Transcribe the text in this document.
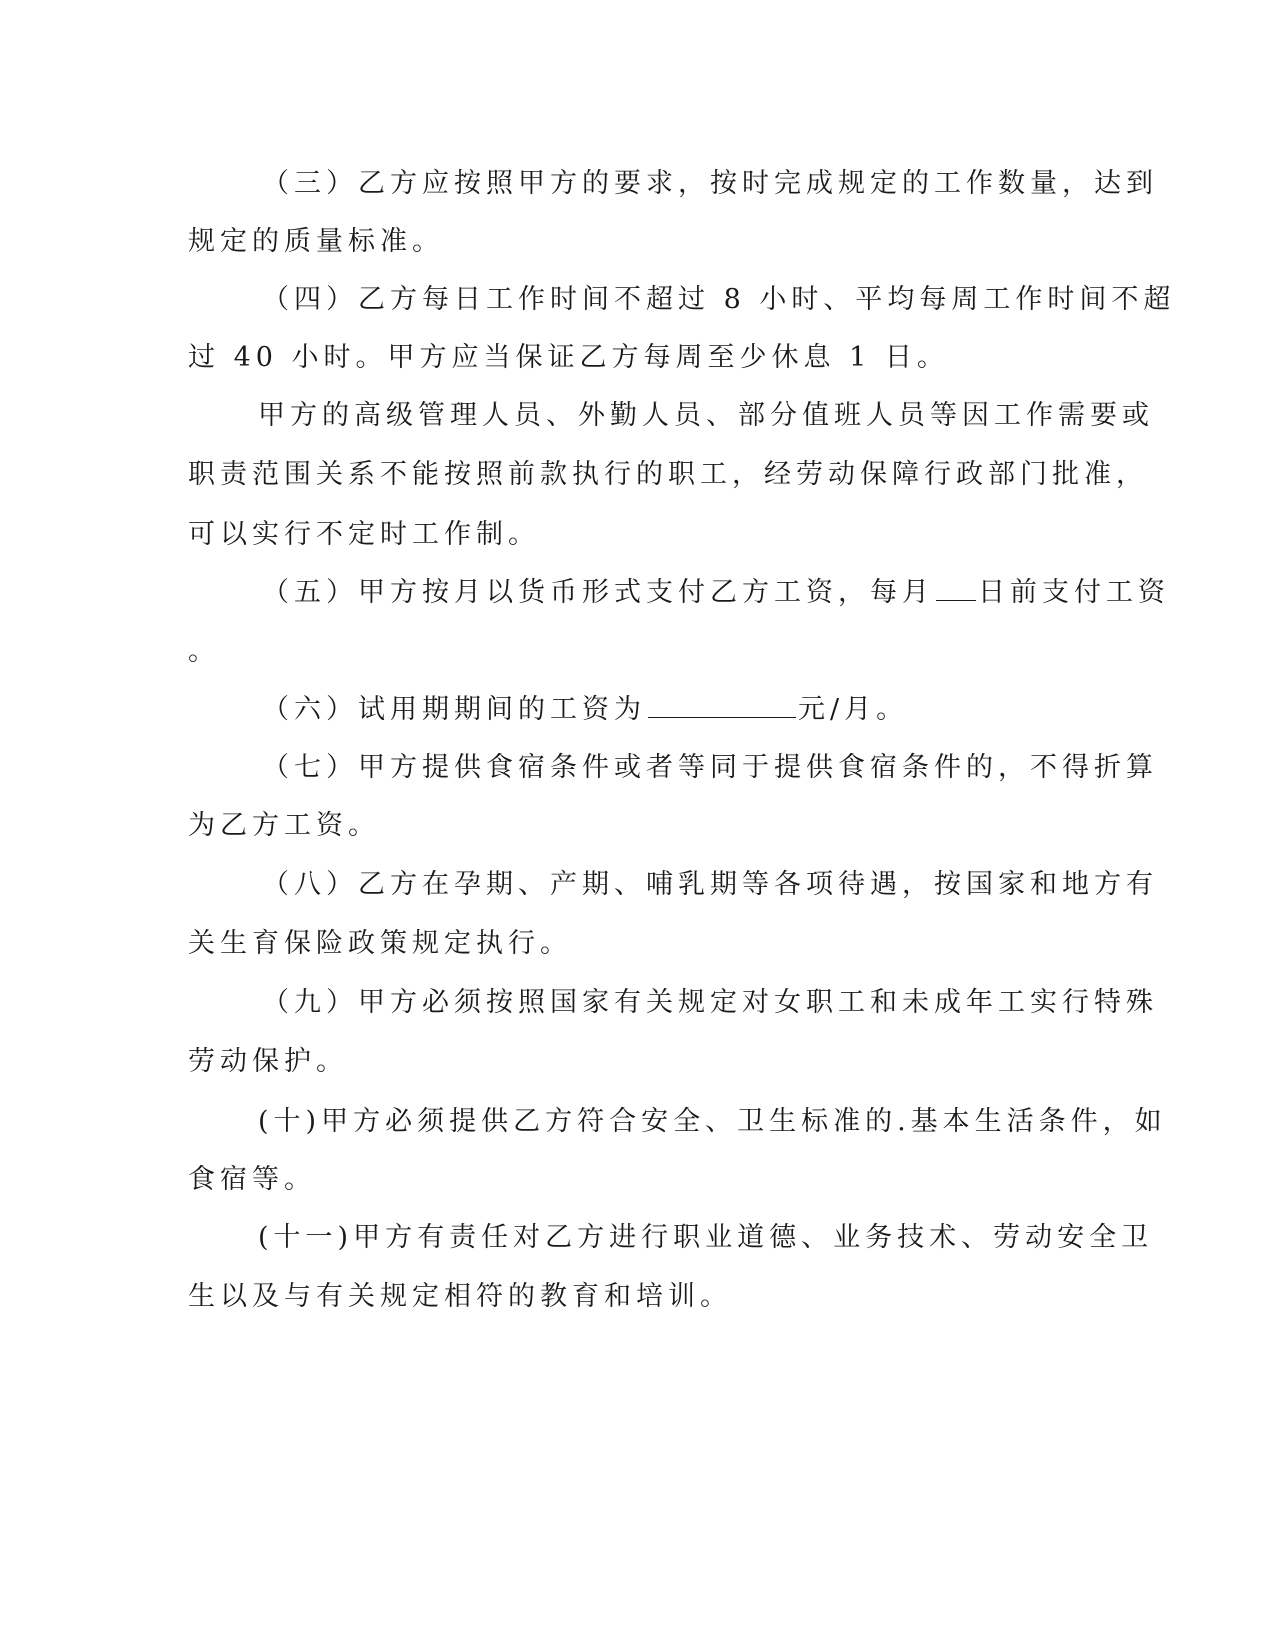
（三）乙方应按照甲方的要求，按时完成规定的工作数量，达到
规定的质量标准。
（四）乙方每日工作时间不超过 8 小时、平均每周工作时间不超
过 40 小时。甲方应当保证乙方每周至少休息 1 日。
甲方的高级管理人员、外勤人员、部分值班人员等因工作需要或
职责范围关系不能按照前款执行的职工，经劳动保障行政部门批准，
可以实行不定时工作制。
（五）甲方按月以货币形式支付乙方工资，每月 日前支付工资
。
（六）试用期期间的工资为	元/月。
（七）甲方提供食宿条件或者等同于提供食宿条件的，不得折算
为乙方工资。
（八）乙方在孕期、产期、哺乳期等各项待遇，按国家和地方有
关生育保险政策规定执行。
（九）甲方必须按照国家有关规定对女职工和未成年工实行特殊
劳动保护。
(十)甲方必须提供乙方符合安全、卫生标准的.基本生活条件，如
食宿等。
(十一)甲方有责任对乙方进行职业道德、业务技术、劳动安全卫
生以及与有关规定相符的教育和培训。
